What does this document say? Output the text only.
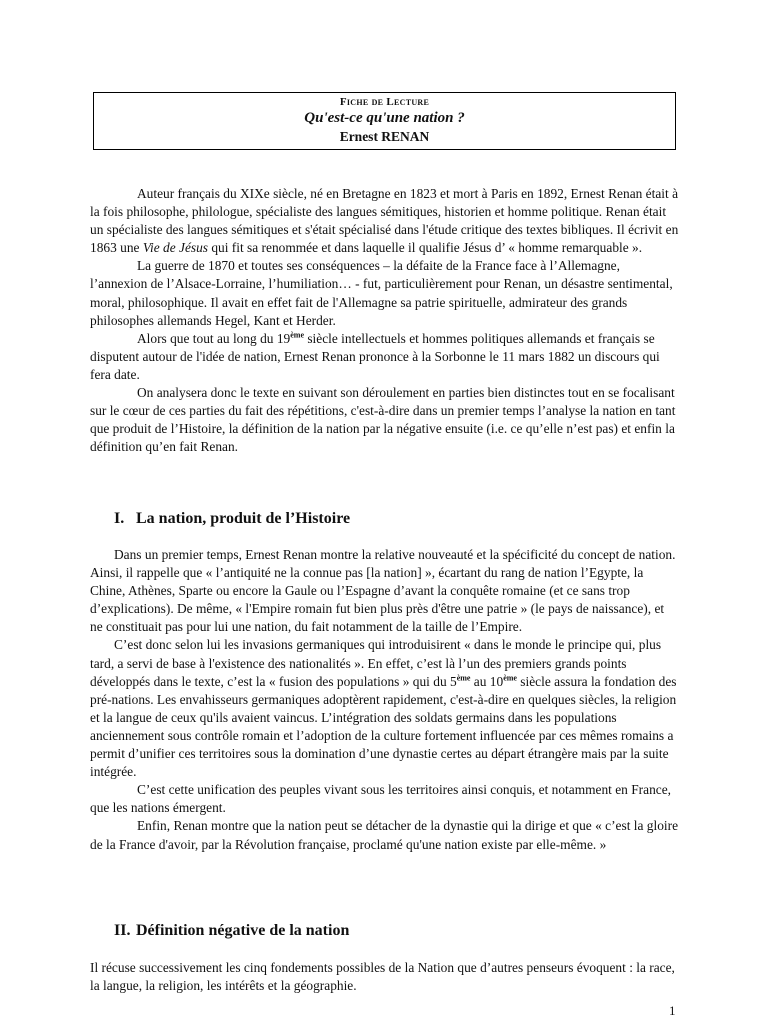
Fiche de Lecture
Qu'est-ce qu'une nation ?
Ernest RENAN

Auteur français du XIXe siècle, né en Bretagne en 1823 et mort à Paris en 1892, Ernest Renan était à la fois philosophe, philologue, spécialiste des langues sémitiques, historien et homme politique. Renan était un spécialiste des langues sémitiques et s'était spécialisé dans l'étude critique des textes bibliques. Il écrivit en 1863 une Vie de Jésus qui fit sa renommée et dans laquelle il qualifie Jésus d’ « homme remarquable ».

La guerre de 1870 et toutes ses conséquences – la défaite de la France face à l’Allemagne, l’annexion de l’Alsace-Lorraine, l’humiliation… - fut, particulièrement pour Renan, un désastre sentimental, moral, philosophique. Il avait en effet fait de l'Allemagne sa patrie spirituelle, admirateur des grands philosophes allemands Hegel, Kant et Herder.

Alors que tout au long du 19ème siècle intellectuels et hommes politiques allemands et français se disputent autour de l'idée de nation, Ernest Renan prononce à la Sorbonne le 11 mars 1882 un discours qui fera date.

On analysera donc le texte en suivant son déroulement en parties bien distinctes tout en se focalisant sur le cœur de ces parties du fait des répétitions, c'est-à-dire dans un premier temps l’analyse la nation en tant que produit de l’Histoire, la définition de la nation par la négative ensuite (i.e. ce qu’elle n’est pas) et enfin la définition qu’en fait Renan.

I. La nation, produit de l’Histoire

Dans un premier temps, Ernest Renan montre la relative nouveauté et la spécificité du concept de nation. Ainsi, il rappelle que « l’antiquité ne la connue pas [la nation] », écartant du rang de nation l’Egypte, la Chine, Athènes, Sparte ou encore la Gaule ou l’Espagne d’avant la conquête romaine (et ce sans trop d’explications). De même, « l'Empire romain fut bien plus près d'être une patrie » (le pays de naissance), et ne constituait pas pour lui une nation, du fait notamment de la taille de l’Empire.

C’est donc selon lui les invasions germaniques qui introduisirent « dans le monde le principe qui, plus tard, a servi de base à l'existence des nationalités ». En effet, c’est là l’un des premiers grands points développés dans le texte, c’est la « fusion des populations » qui du 5ème au 10ème siècle assura la fondation des pré-nations. Les envahisseurs germaniques adoptèrent rapidement, c'est-à-dire en quelques siècles, la religion et la langue de ceux qu'ils avaient vaincus. L’intégration des soldats germains dans les populations anciennement sous contrôle romain et l’adoption de la culture fortement influencée par ces mêmes romains a permit d’unifier ces territoires sous la domination d’une dynastie certes au départ étrangère mais par la suite intégrée.

C’est cette unification des peuples vivant sous les territoires ainsi conquis, et notamment en France, que les nations émergent.

Enfin, Renan montre que la nation peut se détacher de la dynastie qui la dirige et que « c’est la gloire de la France d'avoir, par la Révolution française, proclamé qu'une nation existe par elle-même. »

II. Définition négative de la nation

Il récuse successivement les cinq fondements possibles de la Nation que d’autres penseurs évoquent : la race, la langue, la religion, les intérêts et la géographie.

1
